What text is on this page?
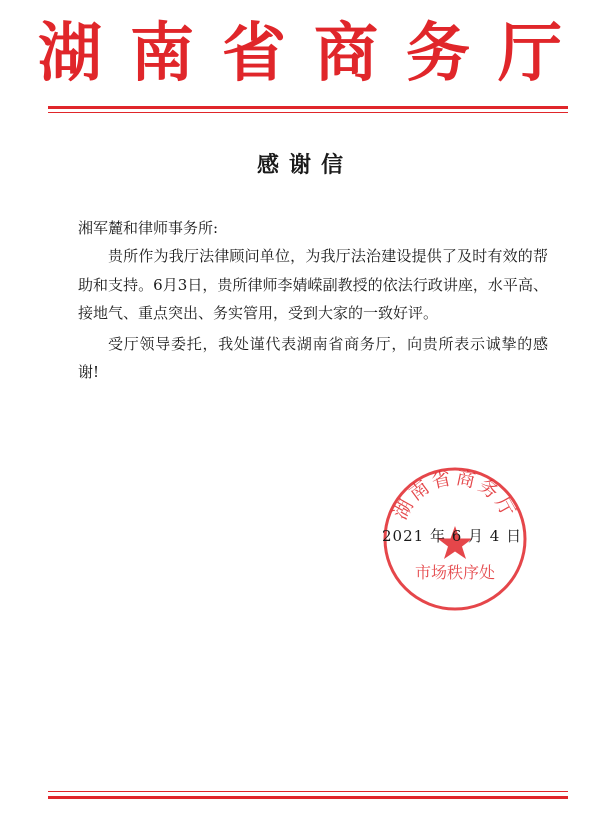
湖南省商务厅
感谢信
湘军麓和律师事务所:

贵所作为我厅法律顾问单位，为我厅法治建设提供了及时有效的帮助和支持。6月3日，贵所律师李婧嵘副教授的依法行政讲座，水平高、接地气、重点突出、务实管用，受到大家的一致好评。

受厅领导委托，我处谨代表湖南省商务厅，向贵所表示诚挚的感谢!

湖南省商务厅
市场秩序处
2021 年 6 月 4 日
